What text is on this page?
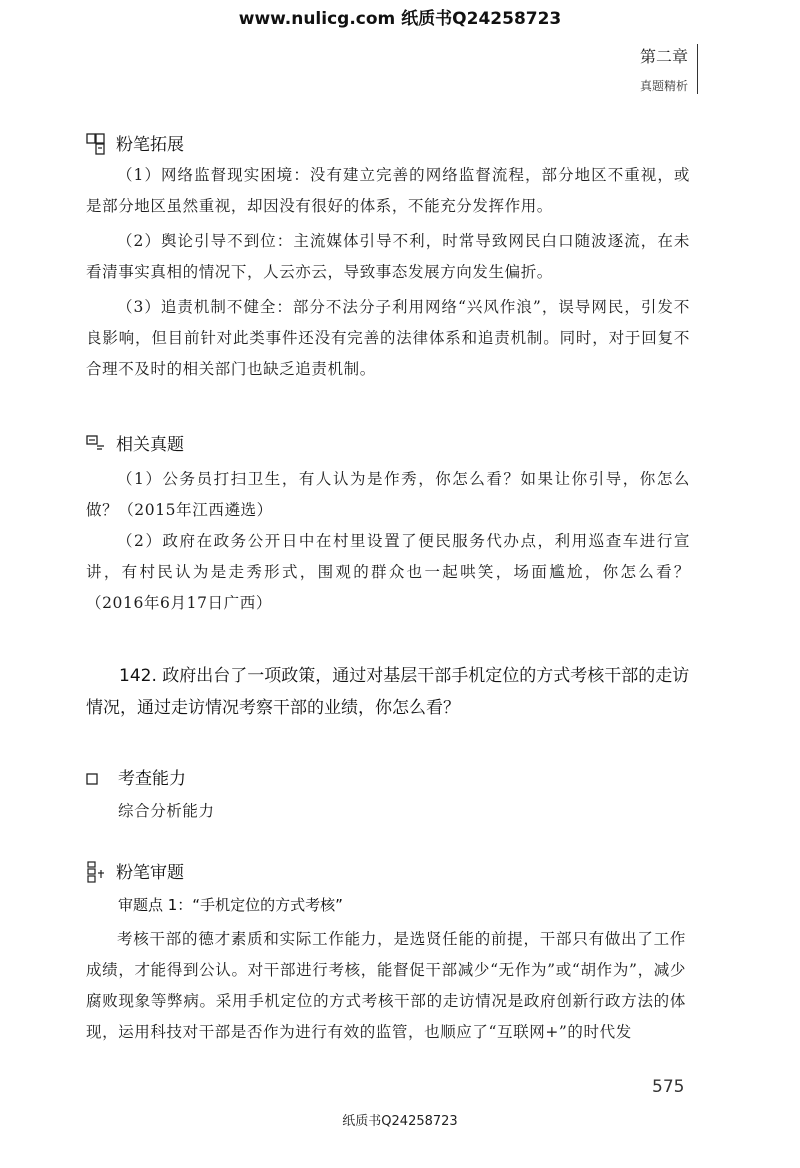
www.nulicg.com 纸质书Q24258723
第二章
真题精析
粉笔拓展
（1）网络监督现实困境：没有建立完善的网络监督流程，部分地区不重视，或是部分地区虽然重视，却因没有很好的体系，不能充分发挥作用。
（2）舆论引导不到位：主流媒体引导不利，时常导致网民白口随波逐流，在未看清事实真相的情况下，人云亦云，导致事态发展方向发生偏折。
（3）追责机制不健全：部分不法分子利用网络“兴风作浪”，误导网民，引发不良影响，但目前针对此类事件还没有完善的法律体系和追责机制。同时，对于回复不合理不及时的相关部门也缺乏追责机制。
相关真题
（1）公务员打扫卫生，有人认为是作秀，你怎么看？如果让你引导，你怎么做？（2015年江西遴选）
（2）政府在政务公开日中在村里设置了便民服务代办点，利用巡查车进行宣讲，有村民认为是走秀形式，围观的群众也一起哄笑，场面尴尬，你怎么看？（2016年6月17日广西）
142. 政府出台了一项政策，通过对基层干部手机定位的方式考核干部的走访情况，通过走访情况考察干部的业绩，你怎么看？
考查能力
综合分析能力
粉笔审题
审题点 1：“手机定位的方式考核”
考核干部的德才素质和实际工作能力，是选贤任能的前提，干部只有做出了工作成绩，才能得到公认。对干部进行考核，能督促干部减少“无作为”或“胡作为”，减少腐败现象等弊病。采用手机定位的方式考核干部的走访情况是政府创新行政方法的体现，运用科技对干部是否作为进行有效的监管，也顺应了“互联网+”的时代发
575
纸质书Q24258723
